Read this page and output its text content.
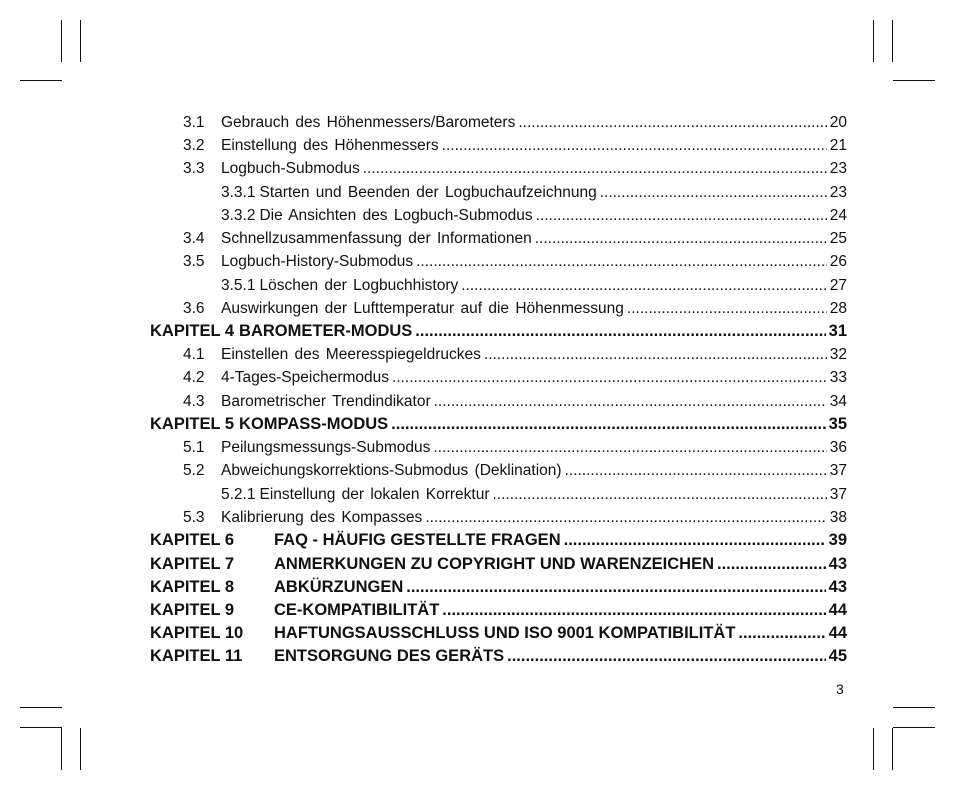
3.1	Gebrauch des Höhenmessers/Barometers .....	20
3.2	Einstellung des Höhenmessers .....	21
3.3	Logbuch-Submodus .....	23
3.3.1 Starten und Beenden der Logbuchaufzeichnung .....	23
3.3.2 Die Ansichten des Logbuch-Submodus .....	24
3.4	Schnellzusammenfassung der Informationen .....	25
3.5	Logbuch-History-Submodus .....	26
3.5.1 Löschen der Logbuchhistory .....	27
3.6	Auswirkungen der Lufttemperatur auf die Höhenmessung .....	28
KAPITEL 4 BAROMETER-MODUS .....	31
4.1	Einstellen des Meeresspiegeldruckes .....	32
4.2	4-Tages-Speichermodus .....	33
4.3	Barometrischer Trendindikator .....	34
KAPITEL 5 KOMPASS-MODUS .....	35
5.1	Peilungsmessungs-Submodus .....	36
5.2	Abweichungskorrektions-Submodus (Deklination) .....	37
5.2.1 Einstellung der lokalen Korrektur .....	37
5.3	Kalibrierung des Kompasses .....	38
KAPITEL 6	FAQ - HÄUFIG GESTELLTE FRAGEN .....	39
KAPITEL 7	ANMERKUNGEN ZU COPYRIGHT UND WARENZEICHEN .....	43
KAPITEL 8	ABKÜRZUNGEN .....	43
KAPITEL 9	CE-KOMPATIBILITÄT .....	44
KAPITEL 10	HAFTUNGSAUSSCHLUSS UND ISO 9001 KOMPATIBILITÄT .....	44
KAPITEL 11	ENTSORGUNG DES GERÄTS .....	45
3
